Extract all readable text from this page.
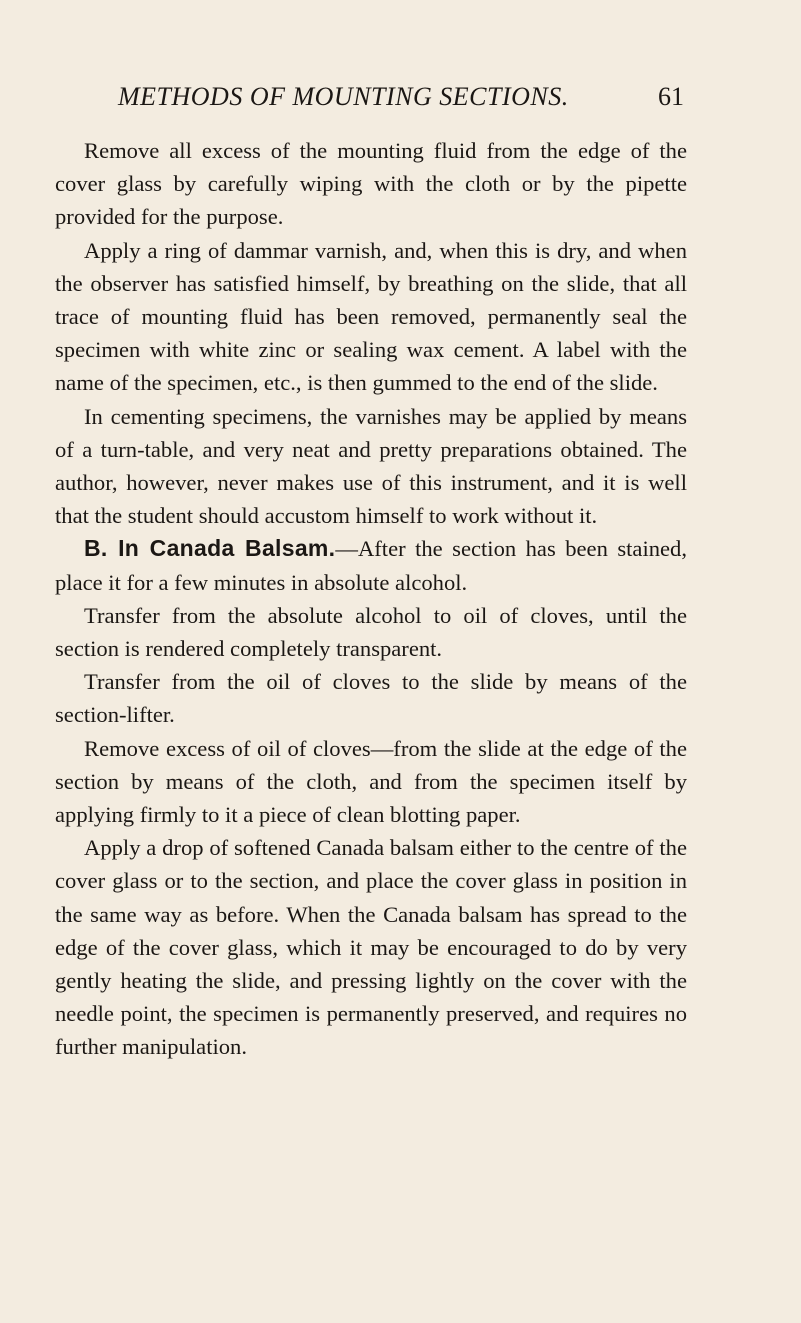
METHODS OF MOUNTING SECTIONS.	61

Remove all excess of the mounting fluid from the edge of the cover glass by carefully wiping with the cloth or by the pipette provided for the purpose.

Apply a ring of dammar varnish, and, when this is dry, and when the observer has satisfied himself, by breathing on the slide, that all trace of mounting fluid has been removed, permanently seal the specimen with white zinc or sealing wax cement. A label with the name of the specimen, etc., is then gummed to the end of the slide.

In cementing specimens, the varnishes may be applied by means of a turn-table, and very neat and pretty preparations obtained. The author, however, never makes use of this instrument, and it is well that the student should accustom himself to work without it.

B. In Canada Balsam.—After the section has been stained, place it for a few minutes in absolute alcohol.

Transfer from the absolute alcohol to oil of cloves, until the section is rendered completely transparent.

Transfer from the oil of cloves to the slide by means of the section-lifter.

Remove excess of oil of cloves—from the slide at the edge of the section by means of the cloth, and from the specimen itself by applying firmly to it a piece of clean blotting paper.

Apply a drop of softened Canada balsam either to the centre of the cover glass or to the section, and place the cover glass in position in the same way as before. When the Canada balsam has spread to the edge of the cover glass, which it may be encouraged to do by very gently heating the slide, and pressing lightly on the cover with the needle point, the specimen is permanently preserved, and requires no further manipulation.
